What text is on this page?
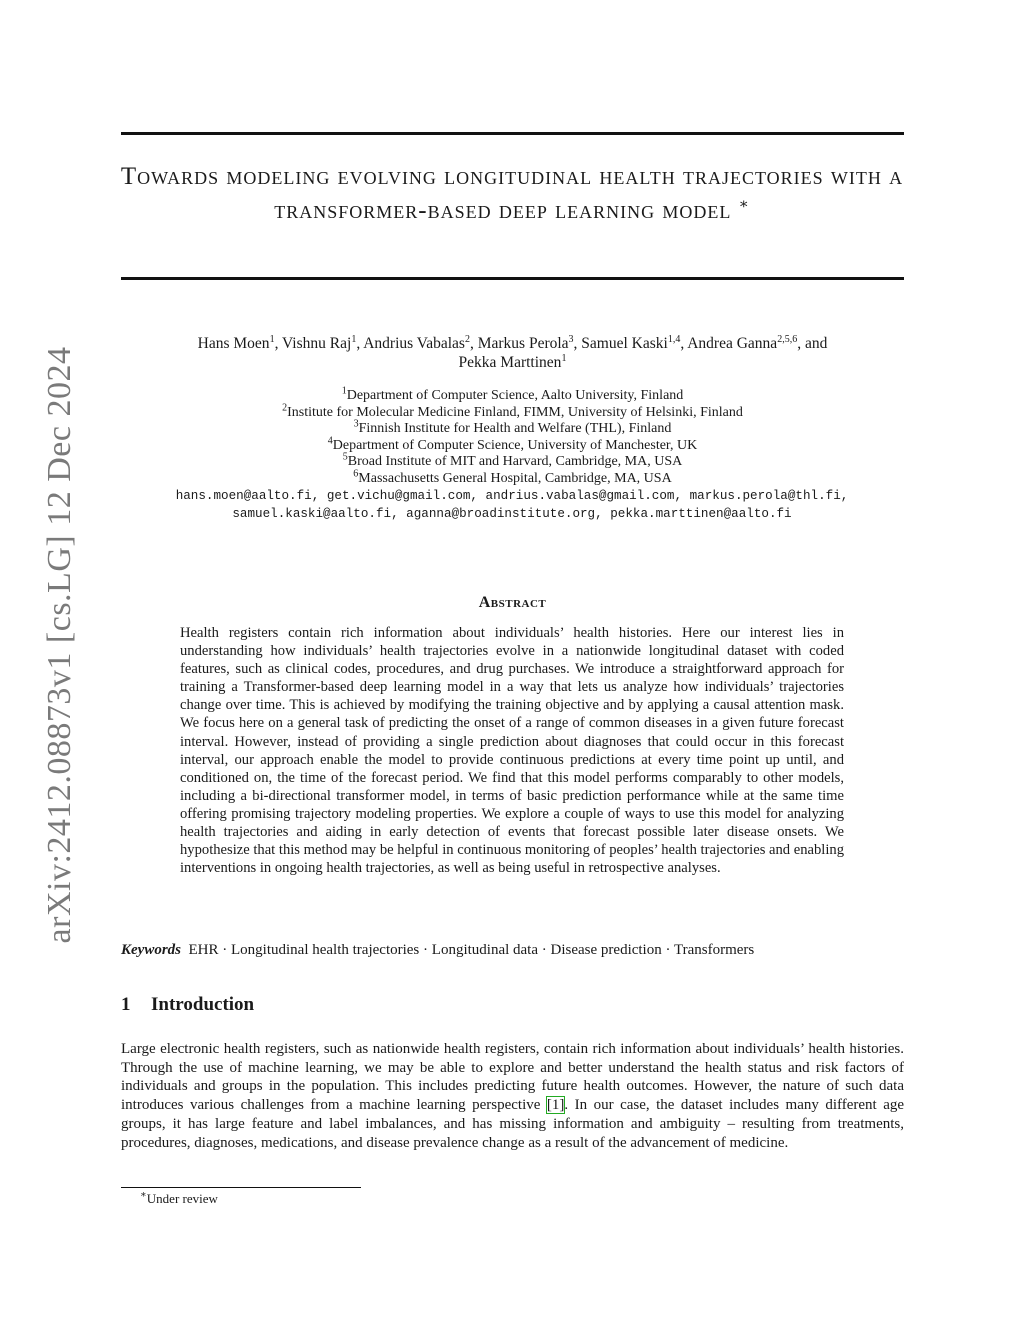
arXiv:2412.08873v1 [cs.LG] 12 Dec 2024
Towards modeling evolving longitudinal health trajectories with a transformer-based deep learning model ∗
Hans Moen$^1$, Vishnu Raj$^1$, Andrius Vabalas$^2$, Markus Perola$^3$, Samuel Kaski$^{1,4}$, Andrea Ganna$^{2,5,6}$, and
Pekka Marttinen$^1$
$^1$Department of Computer Science, Aalto University, Finland
$^2$Institute for Molecular Medicine Finland, FIMM, University of Helsinki, Finland
$^3$Finnish Institute for Health and Welfare (THL), Finland
$^4$Department of Computer Science, University of Manchester, UK
$^5$Broad Institute of MIT and Harvard, Cambridge, MA, USA
$^6$Massachusetts General Hospital, Cambridge, MA, USA
hans.moen@aalto.fi, get.vichu@gmail.com, andrius.vabalas@gmail.com, markus.perola@thl.fi,
samuel.kaski@aalto.fi, aganna@broadinstitute.org, pekka.marttinen@aalto.fi
Abstract
Health registers contain rich information about individuals’ health histories. Here our interest lies in understanding how individuals’ health trajectories evolve in a nationwide longitudinal dataset with coded features, such as clinical codes, procedures, and drug purchases. We introduce a straightforward approach for training a Transformer-based deep learning model in a way that lets us analyze how individuals’ trajectories change over time. This is achieved by modifying the training objective and by applying a causal attention mask. We focus here on a general task of predicting the onset of a range of common diseases in a given future forecast interval. However, instead of providing a single prediction about diagnoses that could occur in this forecast interval, our approach enable the model to provide continuous predictions at every time point up until, and conditioned on, the time of the forecast period. We find that this model performs comparably to other models, including a bi-directional transformer model, in terms of basic prediction performance while at the same time offering promising trajectory modeling properties. We explore a couple of ways to use this model for analyzing health trajectories and aiding in early detection of events that forecast possible later disease onsets. We hypothesize that this method may be helpful in continuous monitoring of peoples’ health trajectories and enabling interventions in ongoing health trajectories, as well as being useful in retrospective analyses.
Keywords EHR · Longitudinal health trajectories · Longitudinal data · Disease prediction · Transformers
1 Introduction
Large electronic health registers, such as nationwide health registers, contain rich information about individuals’ health histories. Through the use of machine learning, we may be able to explore and better understand the health status and risk factors of individuals and groups in the population. This includes predicting future health outcomes. However, the nature of such data introduces various challenges from a machine learning perspective [1]. In our case, the dataset includes many different age groups, it has large feature and label imbalances, and has missing information and ambiguity – resulting from treatments, procedures, diagnoses, medications, and disease prevalence change as a result of the advancement of medicine.
∗Under review
